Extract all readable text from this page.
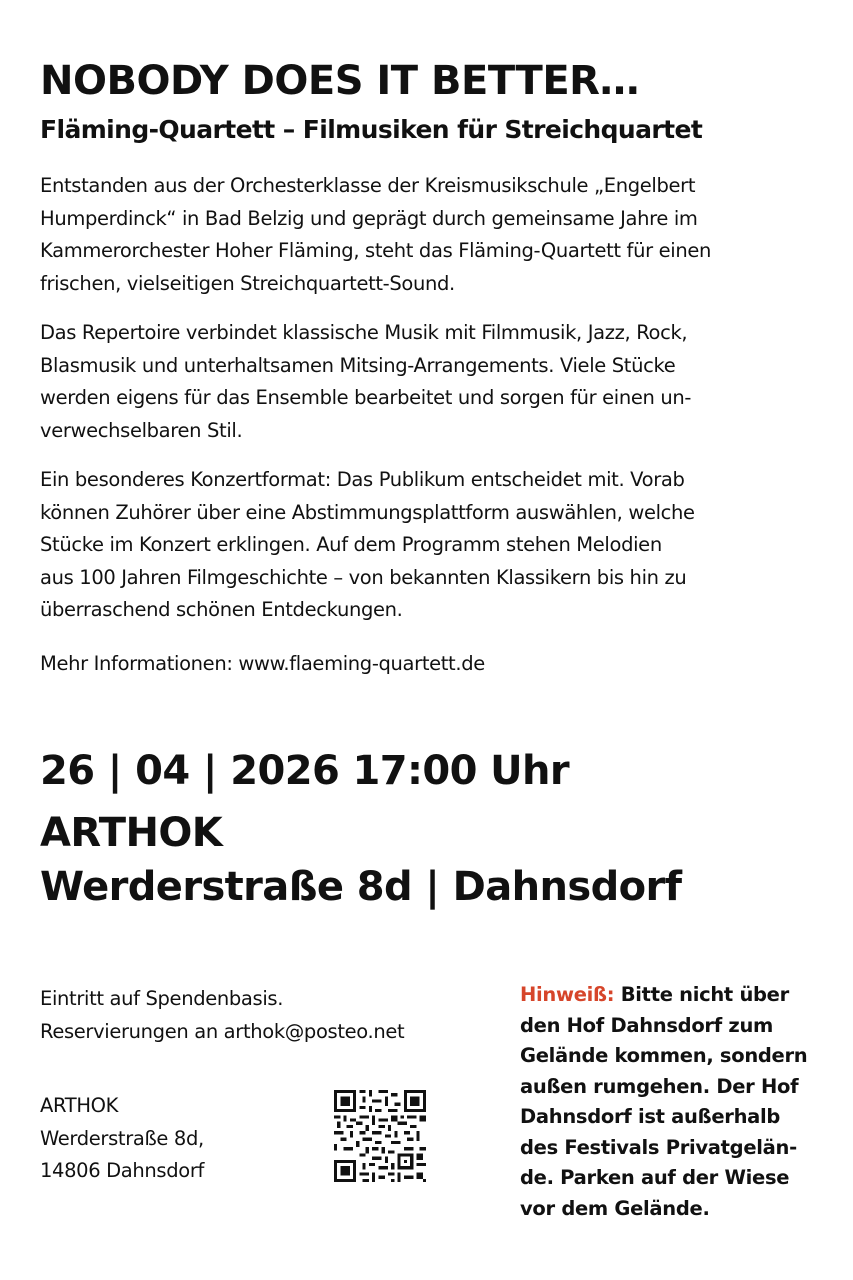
NOBODY DOES IT BETTER…
Fläming-Quartett – Filmusiken für Streichquartet
Entstanden aus der Orchesterklasse der Kreismusikschule „Engelbert
Humperdinck“ in Bad Belzig und geprägt durch gemeinsame Jahre im
Kammerorchester Hoher Fläming, steht das Fläming-Quartett für einen
frischen, vielseitigen Streichquartett-Sound.
Das Repertoire verbindet klassische Musik mit Filmmusik, Jazz, Rock,
Blasmusik und unterhaltsamen Mitsing-Arrangements. Viele Stücke
werden eigens für das Ensemble bearbeitet und sorgen für einen un-
verwechselbaren Stil.
Ein besonderes Konzertformat: Das Publikum entscheidet mit. Vorab
können Zuhörer über eine Abstimmungsplattform auswählen, welche
Stücke im Konzert erklingen. Auf dem Programm stehen Melodien
aus 100 Jahren Filmgeschichte – von bekannten Klassikern bis hin zu
überraschend schönen Entdeckungen.
Mehr Informationen: www.flaeming-quartett.de
26 | 04 | 2026 17:00 Uhr
ARTHOK
Werderstraße 8d | Dahnsdorf
Eintritt auf Spendenbasis.
Reservierungen an arthok@posteo.net
ARTHOK
Werderstraße 8d,
14806 Dahnsdorf
Hinweiß: Bitte nicht über
den Hof Dahnsdorf zum
Gelände kommen, sondern
außen rumgehen. Der Hof
Dahnsdorf ist außerhalb
des Festivals Privatgelän-
de. Parken auf der Wiese
vor dem Gelände.
